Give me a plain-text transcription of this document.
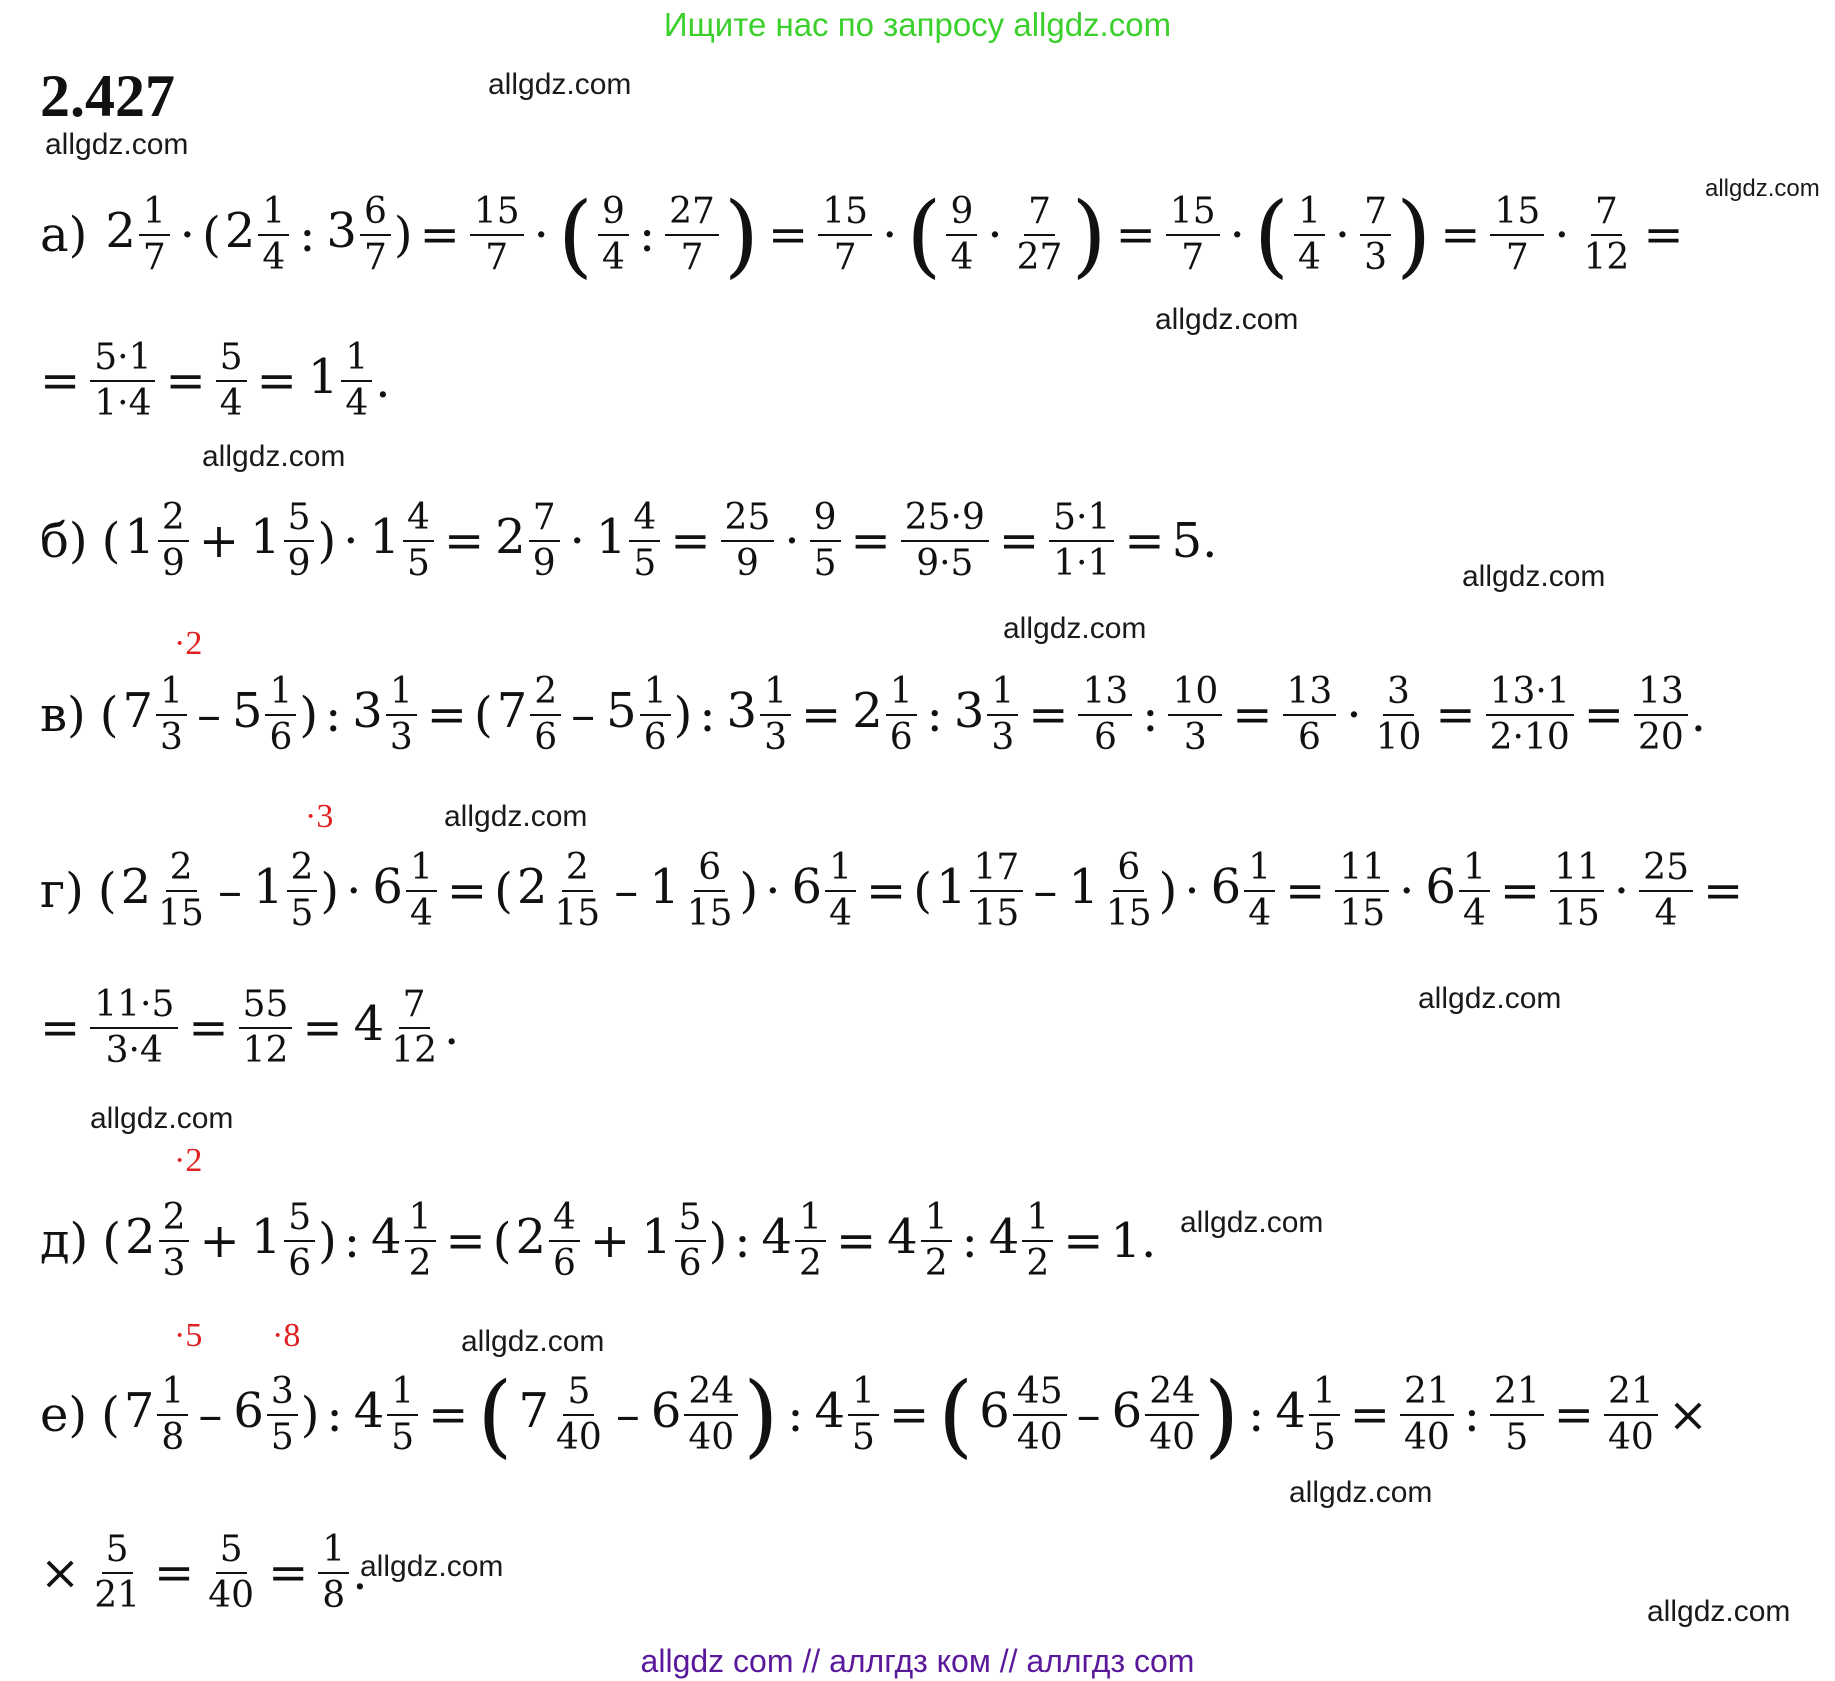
Ищите нас по запросу allgdz.com
2.427	allgdz.com
allgdz.com
allgdz.com
allgdz.com
allgdz.com
allgdz.com
allgdz.com
allgdz.com
allgdz.com
allgdz.com
allgdz.com
allgdz.com
allgdz.com
allgdz.com
allgdz.com
·2
·3
·2
·5 ·8
а) $2 \frac{1}{7}$ · ( $2 \frac{1}{4}$ : $3 \frac{6}{7}$ ) = $\frac{15}{7}$ · ( $\frac{9}{4}$ : $\frac{27}{7}$ ) = $\frac{15}{7}$ · ( $\frac{9}{4} \cdot \frac{7}{27}$ ) = $\frac{15}{7}$ · ( $\frac{1}{4} \cdot \frac{7}{3}$ ) = $\frac{15}{7} \cdot \frac{7}{12}$ =
= $\frac{5\cdot 1}{1\cdot 4} = \frac{5}{4} = 1 \frac{1}{4}$ .
б) ( $1 \frac{2}{9} + 1 \frac{5}{9}$ ) · $1 \frac{4}{5} = 2 \frac{7}{9} \cdot 1 \frac{4}{5} = \frac{25}{9} \cdot \frac{9}{5} = \frac{25\cdot 9}{9\cdot 5} = \frac{5\cdot 1}{1\cdot 1} = 5$.
в) ( $7 \frac{1}{3} - 5 \frac{1}{6}$ ) : $3 \frac{1}{3}$ = ( $7 \frac{2}{6} - 5 \frac{1}{6}$ ) : $3 \frac{1}{3} = 2 \frac{1}{6}$ : $3 \frac{1}{3} = \frac{13}{6}$ : $\frac{10}{3} = \frac{13}{6} \cdot \frac{3}{10} = \frac{13\cdot 1}{2\cdot 10} = \frac{13}{20}$ .
г) ( $2 \frac{2}{15} - 1 \frac{2}{5}$ ) · $6 \frac{1}{4}$ = ( $2 \frac{2}{15} - 1 \frac{6}{15}$ ) · $6 \frac{1}{4}$ = ( $1 \frac{17}{15} - 1 \frac{6}{15}$ ) · $6 \frac{1}{4} = \frac{11}{15} \cdot 6 \frac{1}{4} = \frac{11}{15} \cdot \frac{25}{4}$ =
= $\frac{11\cdot 5}{3\cdot 4} = \frac{55}{12} = 4 \frac{7}{12}$ .
д) ( $2 \frac{2}{3} + 1 \frac{5}{6}$ ) : $4 \frac{1}{2}$ = ( $2 \frac{4}{6} + 1 \frac{5}{6}$ ) : $4 \frac{1}{2} = 4 \frac{1}{2}$ : $4 \frac{1}{2} = 1$.
е) ( $7 \frac{1}{8} - 6 \frac{3}{5}$ ) : $4 \frac{1}{5}$ = ( $7 \frac{5}{40} - 6 \frac{24}{40}$ ) : $4 \frac{1}{5}$ = ( $6 \frac{45}{40} - 6 \frac{24}{40}$ ) : $4 \frac{1}{5} = \frac{21}{40}$ : $\frac{21}{5} = \frac{21}{40}$ ×
× $\frac{5}{21} = \frac{5}{40} = \frac{1}{8}$ .
allgdz com // аллгдз ком // аллгдз com
